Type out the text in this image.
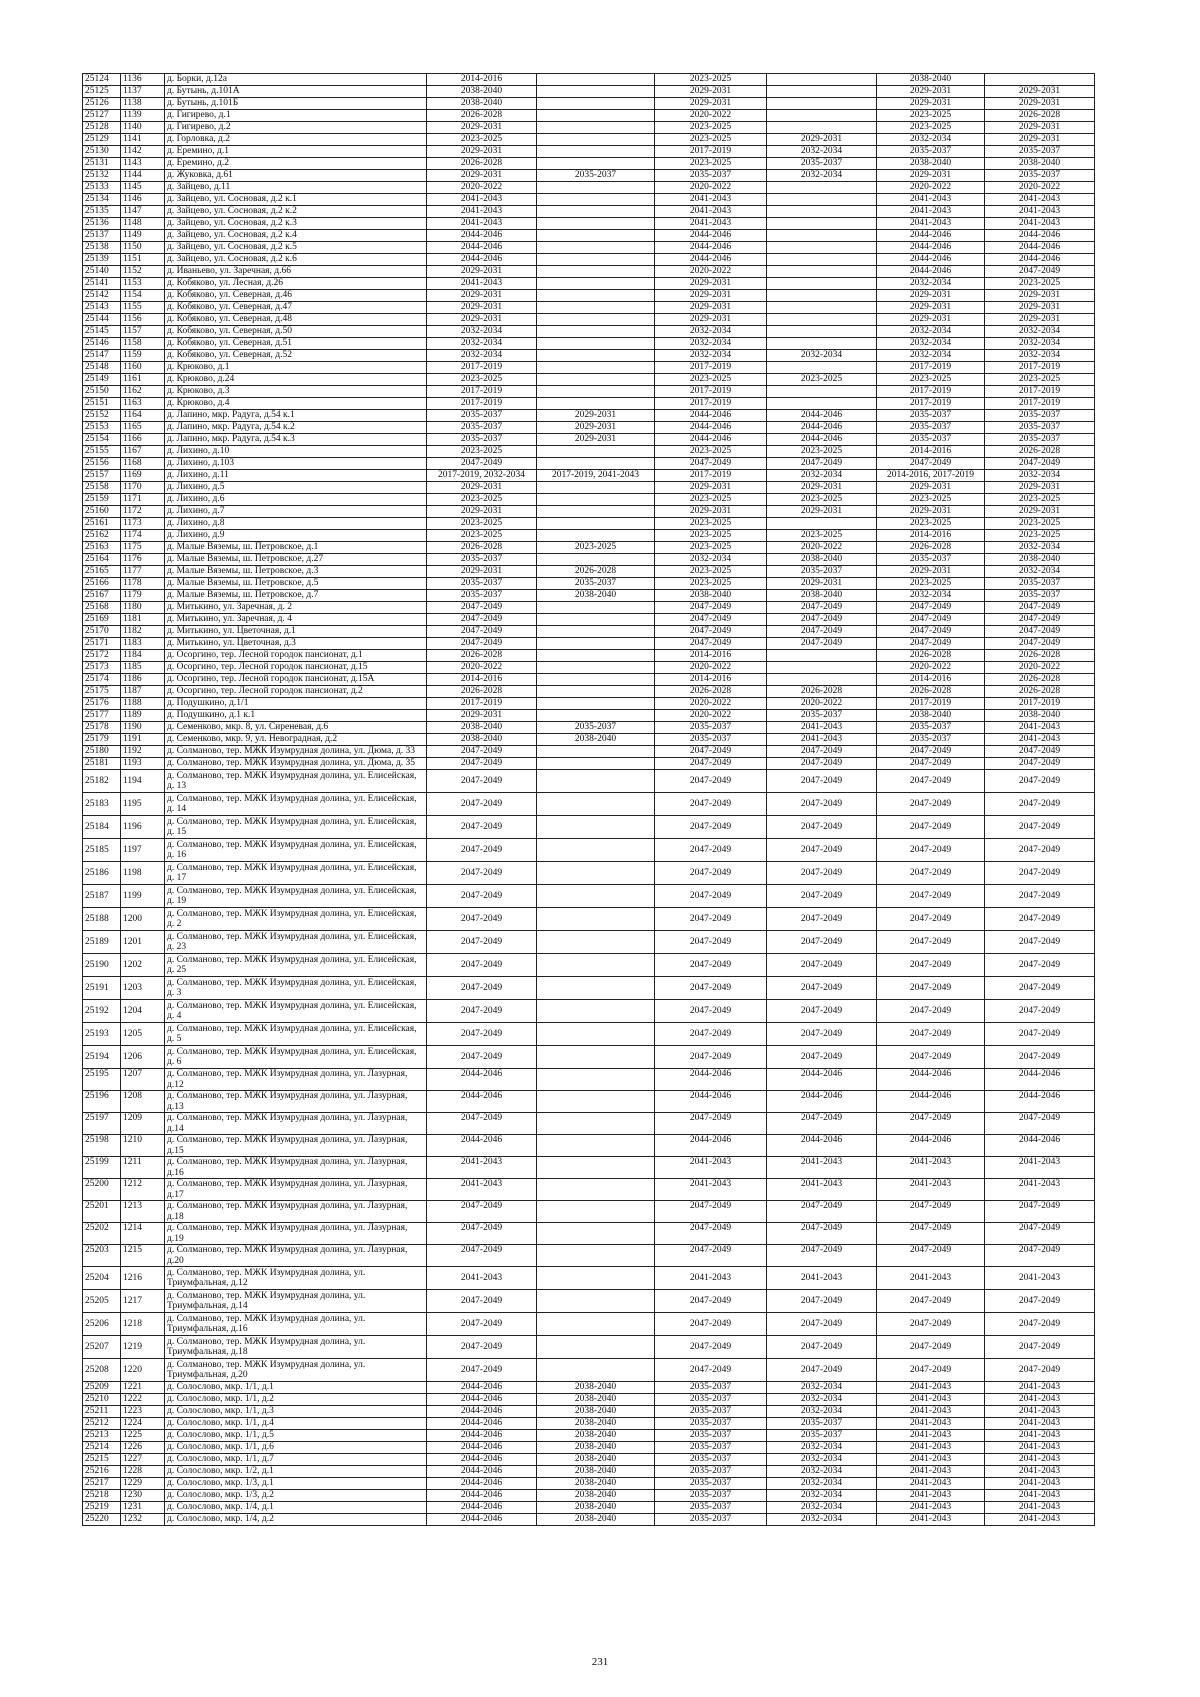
25124	1136	д. Борки, д.12а	2014-2016		2023-2025		2038-2040	
25125	1137	д. Бутынь, д.101А	2038-2040		2029-2031		2029-2031	2029-2031
25126	1138	д. Бутынь, д.101Б	2038-2040		2029-2031		2029-2031	2029-2031
25127	1139	д. Гигирево, д.1	2026-2028		2020-2022		2023-2025	2026-2028
25128	1140	д. Гигирево, д.2	2029-2031		2023-2025		2023-2025	2029-2031
25129	1141	д. Горловка, д.2	2023-2025		2023-2025	2029-2031	2032-2034	2029-2031
25130	1142	д. Еремино, д.1	2029-2031		2017-2019	2032-2034	2035-2037	2035-2037
25131	1143	д. Еремино, д.2	2026-2028		2023-2025	2035-2037	2038-2040	2038-2040
25132	1144	д. Жуковка, д.61	2029-2031	2035-2037	2035-2037	2032-2034	2029-2031	2035-2037
25133	1145	д. Зайцево, д.11	2020-2022		2020-2022		2020-2022	2020-2022
25134	1146	д. Зайцево, ул. Сосновая, д.2 к.1	2041-2043		2041-2043		2041-2043	2041-2043
25135	1147	д. Зайцево, ул. Сосновая, д.2 к.2	2041-2043		2041-2043		2041-2043	2041-2043
25136	1148	д. Зайцево, ул. Сосновая, д.2 к.3	2041-2043		2041-2043		2041-2043	2041-2043
25137	1149	д. Зайцево, ул. Сосновая, д.2 к.4	2044-2046		2044-2046		2044-2046	2044-2046
25138	1150	д. Зайцево, ул. Сосновая, д.2 к.5	2044-2046		2044-2046		2044-2046	2044-2046
25139	1151	д. Зайцево, ул. Сосновая, д.2 к.6	2044-2046		2044-2046		2044-2046	2044-2046
25140	1152	д. Иваньево, ул. Заречная, д.66	2029-2031		2020-2022		2044-2046	2047-2049
25141	1153	д. Кобяково, ул. Лесная, д.26	2041-2043		2029-2031		2032-2034	2023-2025
25142	1154	д. Кобяково, ул. Северная, д.46	2029-2031		2029-2031		2029-2031	2029-2031
25143	1155	д. Кобяково, ул. Северная, д.47	2029-2031		2029-2031		2029-2031	2029-2031
25144	1156	д. Кобяково, ул. Северная, д.48	2029-2031		2029-2031		2029-2031	2029-2031
25145	1157	д. Кобяково, ул. Северная, д.50	2032-2034		2032-2034		2032-2034	2032-2034
25146	1158	д. Кобяково, ул. Северная, д.51	2032-2034		2032-2034		2032-2034	2032-2034
25147	1159	д. Кобяково, ул. Северная, д.52	2032-2034		2032-2034	2032-2034	2032-2034	2032-2034
25148	1160	д. Крюково, д.1	2017-2019		2017-2019		2017-2019	2017-2019
25149	1161	д. Крюково, д.24	2023-2025		2023-2025	2023-2025	2023-2025	2023-2025
25150	1162	д. Крюково, д.3	2017-2019		2017-2019		2017-2019	2017-2019
25151	1163	д. Крюково, д.4	2017-2019		2017-2019		2017-2019	2017-2019
25152	1164	д. Лапино, мкр. Радуга, д.54 к.1	2035-2037	2029-2031	2044-2046	2044-2046	2035-2037	2035-2037
25153	1165	д. Лапино, мкр. Радуга, д.54 к.2	2035-2037	2029-2031	2044-2046	2044-2046	2035-2037	2035-2037
25154	1166	д. Лапино, мкр. Радуга, д.54 к.3	2035-2037	2029-2031	2044-2046	2044-2046	2035-2037	2035-2037
25155	1167	д. Лихино, д.10	2023-2025		2023-2025	2023-2025	2014-2016	2026-2028
25156	1168	д. Лихино, д.103	2047-2049		2047-2049	2047-2049	2047-2049	2047-2049
25157	1169	д. Лихино, д.11	2017-2019, 2032-2034	2017-2019, 2041-2043	2017-2019	2032-2034	2014-2016, 2017-2019	2032-2034
25158	1170	д. Лихино, д.5	2029-2031		2029-2031	2029-2031	2029-2031	2029-2031
25159	1171	д. Лихино, д.6	2023-2025		2023-2025	2023-2025	2023-2025	2023-2025
25160	1172	д. Лихино, д.7	2029-2031		2029-2031	2029-2031	2029-2031	2029-2031
25161	1173	д. Лихино, д.8	2023-2025		2023-2025		2023-2025	2023-2025
25162	1174	д. Лихино, д.9	2023-2025		2023-2025	2023-2025	2014-2016	2023-2025
25163	1175	д. Малые Вяземы, ш. Петровское, д.1	2026-2028	2023-2025	2023-2025	2020-2022	2026-2028	2032-2034
25164	1176	д. Малые Вяземы, ш. Петровское, д.27	2035-2037		2032-2034	2038-2040	2035-2037	2038-2040
25165	1177	д. Малые Вяземы, ш. Петровское, д.3	2029-2031	2026-2028	2023-2025	2035-2037	2029-2031	2032-2034
25166	1178	д. Малые Вяземы, ш. Петровское, д.5	2035-2037	2035-2037	2023-2025	2029-2031	2023-2025	2035-2037
25167	1179	д. Малые Вяземы, ш. Петровское, д.7	2035-2037	2038-2040	2038-2040	2038-2040	2032-2034	2035-2037
25168	1180	д. Митькино, ул. Заречная, д. 2	2047-2049		2047-2049	2047-2049	2047-2049	2047-2049
25169	1181	д. Митькино, ул. Заречная, д. 4	2047-2049		2047-2049	2047-2049	2047-2049	2047-2049
25170	1182	д. Митькино, ул. Цветочная, д.1	2047-2049		2047-2049	2047-2049	2047-2049	2047-2049
25171	1183	д. Митькино, ул. Цветочная, д.3	2047-2049		2047-2049	2047-2049	2047-2049	2047-2049
25172	1184	д. Осоргино, тер. Лесной городок пансионат, д.1	2026-2028		2014-2016		2026-2028	2026-2028
25173	1185	д. Осоргино, тер. Лесной городок пансионат, д.15	2020-2022		2020-2022		2020-2022	2020-2022
25174	1186	д. Осоргино, тер. Лесной городок пансионат, д.15А	2014-2016		2014-2016		2014-2016	2026-2028
25175	1187	д. Осоргино, тер. Лесной городок пансионат, д.2	2026-2028		2026-2028	2026-2028	2026-2028	2026-2028
25176	1188	д. Подушкино, д.1/1	2017-2019		2020-2022	2020-2022	2017-2019	2017-2019
25177	1189	д. Подушкино, д.1 к.1	2029-2031		2020-2022	2035-2037	2038-2040	2038-2040
25178	1190	д. Семенково, мкр. 8, ул. Сиреневая, д.6	2038-2040	2035-2037	2035-2037	2041-2043	2035-2037	2041-2043
25179	1191	д. Семенково, мкр. 9, ул. Невоградная, д.2	2038-2040	2038-2040	2035-2037	2041-2043	2035-2037	2041-2043
25180	1192	д. Солманово, тер. МЖК Изумрудная долина, ул. Дюма, д. 33	2047-2049		2047-2049	2047-2049	2047-2049	2047-2049
25181	1193	д. Солманово, тер. МЖК Изумрудная долина, ул. Дюма, д. 35	2047-2049		2047-2049	2047-2049	2047-2049	2047-2049
25182	1194	д. Солманово, тер. МЖК Изумрудная долина, ул. Елисейская, д. 13	2047-2049		2047-2049	2047-2049	2047-2049	2047-2049
25183	1195	д. Солманово, тер. МЖК Изумрудная долина, ул. Елисейская, д. 14	2047-2049		2047-2049	2047-2049	2047-2049	2047-2049
25184	1196	д. Солманово, тер. МЖК Изумрудная долина, ул. Елисейская, д. 15	2047-2049		2047-2049	2047-2049	2047-2049	2047-2049
25185	1197	д. Солманово, тер. МЖК Изумрудная долина, ул. Елисейская, д. 16	2047-2049		2047-2049	2047-2049	2047-2049	2047-2049
25186	1198	д. Солманово, тер. МЖК Изумрудная долина, ул. Елисейская, д. 17	2047-2049		2047-2049	2047-2049	2047-2049	2047-2049
25187	1199	д. Солманово, тер. МЖК Изумрудная долина, ул. Елисейская, д. 19	2047-2049		2047-2049	2047-2049	2047-2049	2047-2049
25188	1200	д. Солманово, тер. МЖК Изумрудная долина, ул. Елисейская, д. 2	2047-2049		2047-2049	2047-2049	2047-2049	2047-2049
25189	1201	д. Солманово, тер. МЖК Изумрудная долина, ул. Елисейская, д. 23	2047-2049		2047-2049	2047-2049	2047-2049	2047-2049
25190	1202	д. Солманово, тер. МЖК Изумрудная долина, ул. Елисейская, д. 25	2047-2049		2047-2049	2047-2049	2047-2049	2047-2049
25191	1203	д. Солманово, тер. МЖК Изумрудная долина, ул. Елисейская, д. 3	2047-2049		2047-2049	2047-2049	2047-2049	2047-2049
25192	1204	д. Солманово, тер. МЖК Изумрудная долина, ул. Елисейская, д. 4	2047-2049		2047-2049	2047-2049	2047-2049	2047-2049
25193	1205	д. Солманово, тер. МЖК Изумрудная долина, ул. Елисейская, д. 5	2047-2049		2047-2049	2047-2049	2047-2049	2047-2049
25194	1206	д. Солманово, тер. МЖК Изумрудная долина, ул. Елисейская, д. 6	2047-2049		2047-2049	2047-2049	2047-2049	2047-2049
25195	1207	д. Солманово, тер. МЖК Изумрудная долина, ул. Лазурная, д.12	2044-2046		2044-2046	2044-2046	2044-2046	2044-2046
25196	1208	д. Солманово, тер. МЖК Изумрудная долина, ул. Лазурная, д.13	2044-2046		2044-2046	2044-2046	2044-2046	2044-2046
25197	1209	д. Солманово, тер. МЖК Изумрудная долина, ул. Лазурная, д.14	2047-2049		2047-2049	2047-2049	2047-2049	2047-2049
25198	1210	д. Солманово, тер. МЖК Изумрудная долина, ул. Лазурная, д.15	2044-2046		2044-2046	2044-2046	2044-2046	2044-2046
25199	1211	д. Солманово, тер. МЖК Изумрудная долина, ул. Лазурная, д.16	2041-2043		2041-2043	2041-2043	2041-2043	2041-2043
25200	1212	д. Солманово, тер. МЖК Изумрудная долина, ул. Лазурная, д.17	2041-2043		2041-2043	2041-2043	2041-2043	2041-2043
25201	1213	д. Солманово, тер. МЖК Изумрудная долина, ул. Лазурная, д.18	2047-2049		2047-2049	2047-2049	2047-2049	2047-2049
25202	1214	д. Солманово, тер. МЖК Изумрудная долина, ул. Лазурная, д.19	2047-2049		2047-2049	2047-2049	2047-2049	2047-2049
25203	1215	д. Солманово, тер. МЖК Изумрудная долина, ул. Лазурная, д.20	2047-2049		2047-2049	2047-2049	2047-2049	2047-2049
25204	1216	д. Солманово, тер. МЖК Изумрудная долина, ул. Триумфальная, д.12	2041-2043		2041-2043	2041-2043	2041-2043	2041-2043
25205	1217	д. Солманово, тер. МЖК Изумрудная долина, ул. Триумфальная, д.14	2047-2049		2047-2049	2047-2049	2047-2049	2047-2049
25206	1218	д. Солманово, тер. МЖК Изумрудная долина, ул. Триумфальная, д.16	2047-2049		2047-2049	2047-2049	2047-2049	2047-2049
25207	1219	д. Солманово, тер. МЖК Изумрудная долина, ул. Триумфальная, д.18	2047-2049		2047-2049	2047-2049	2047-2049	2047-2049
25208	1220	д. Солманово, тер. МЖК Изумрудная долина, ул. Триумфальная, д.20	2047-2049		2047-2049	2047-2049	2047-2049	2047-2049
25209	1221	д. Солослово, мкр. 1/1, д.1	2044-2046	2038-2040	2035-2037	2032-2034	2041-2043	2041-2043
25210	1222	д. Солослово, мкр. 1/1, д.2	2044-2046	2038-2040	2035-2037	2032-2034	2041-2043	2041-2043
25211	1223	д. Солослово, мкр. 1/1, д.3	2044-2046	2038-2040	2035-2037	2032-2034	2041-2043	2041-2043
25212	1224	д. Солослово, мкр. 1/1, д.4	2044-2046	2038-2040	2035-2037	2035-2037	2041-2043	2041-2043
25213	1225	д. Солослово, мкр. 1/1, д.5	2044-2046	2038-2040	2035-2037	2035-2037	2041-2043	2041-2043
25214	1226	д. Солослово, мкр. 1/1, д.6	2044-2046	2038-2040	2035-2037	2032-2034	2041-2043	2041-2043
25215	1227	д. Солослово, мкр. 1/1, д.7	2044-2046	2038-2040	2035-2037	2032-2034	2041-2043	2041-2043
25216	1228	д. Солослово, мкр. 1/2, д.1	2044-2046	2038-2040	2035-2037	2032-2034	2041-2043	2041-2043
25217	1229	д. Солослово, мкр. 1/3, д.1	2044-2046	2038-2040	2035-2037	2032-2034	2041-2043	2041-2043
25218	1230	д. Солослово, мкр. 1/3, д.2	2044-2046	2038-2040	2035-2037	2032-2034	2041-2043	2041-2043
25219	1231	д. Солослово, мкр. 1/4, д.1	2044-2046	2038-2040	2035-2037	2032-2034	2041-2043	2041-2043
25220	1232	д. Солослово, мкр. 1/4, д.2	2044-2046	2038-2040	2035-2037	2032-2034	2041-2043	2041-2043
231
